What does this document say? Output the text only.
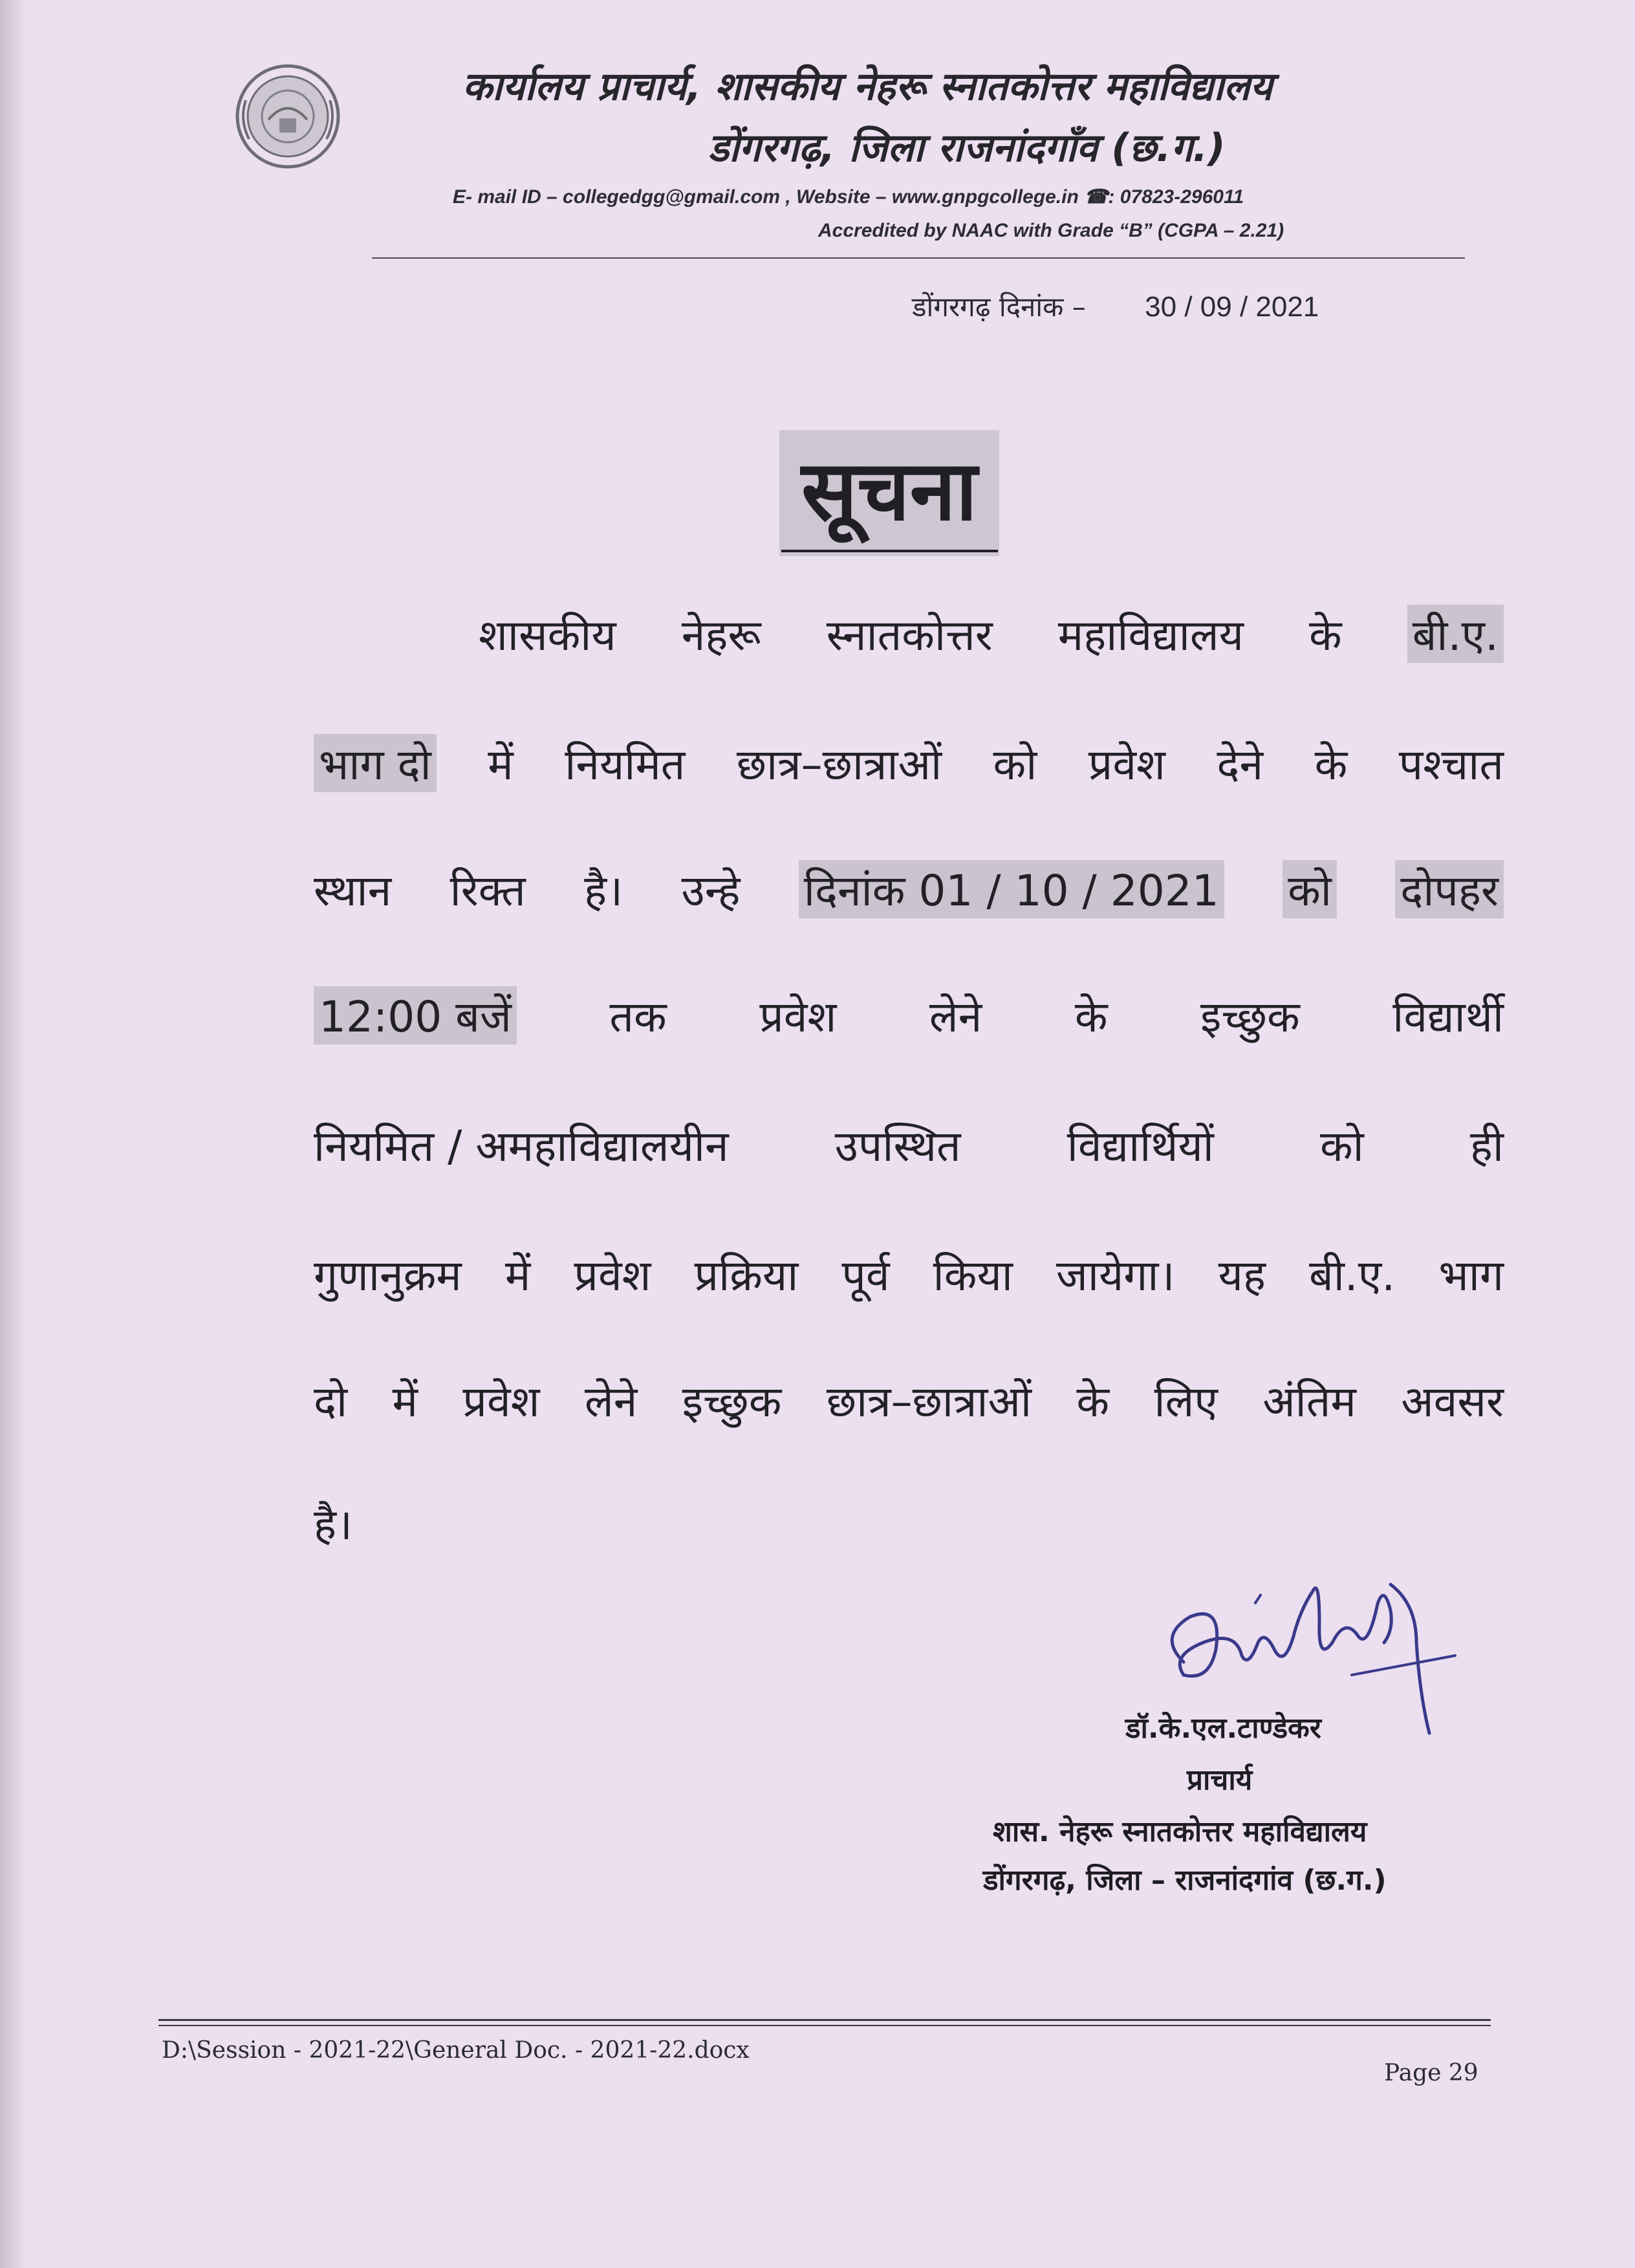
कार्यालय प्राचार्य, शासकीय नेहरू स्नातकोत्तर महाविद्यालय
डोंगरगढ़, जिला राजनांदगाँव (छ.ग.)
E- mail ID – collegedgg@gmail.com , Website – www.gnpgcollege.in ☎: 07823-296011
Accredited by NAAC with Grade “B” (CGPA – 2.21)
डोंगरगढ़ दिनांक – 30 / 09 / 2021
सूचना
शासकीय नेहरू स्नातकोत्तर महाविद्यालय के बी.ए.
भाग दो में नियमित छात्र–छात्राओं को प्रवेश देने के पश्चात
स्थान रिक्त है। उन्हे दिनांक 01 / 10 / 2021 को दोपहर
12:00 बजें तक प्रवेश लेने के इच्छुक विद्यार्थी
नियमित / अमहाविद्यालयीन उपस्थित विद्यार्थियों को ही
गुणानुक्रम में प्रवेश प्रक्रिया पूर्व किया जायेगा। यह बी.ए. भाग
दो में प्रवेश लेने इच्छुक छात्र–छात्राओं के लिए अंतिम अवसर
है।
डॉ.के.एल.टाण्डेकर
प्राचार्य
शास. नेहरू स्नातकोत्तर महाविद्यालय
डोंगरगढ़, जिला – राजनांदगांव (छ.ग.)
D:\Session - 2021-22\General Doc. - 2021-22.docx
Page 29
